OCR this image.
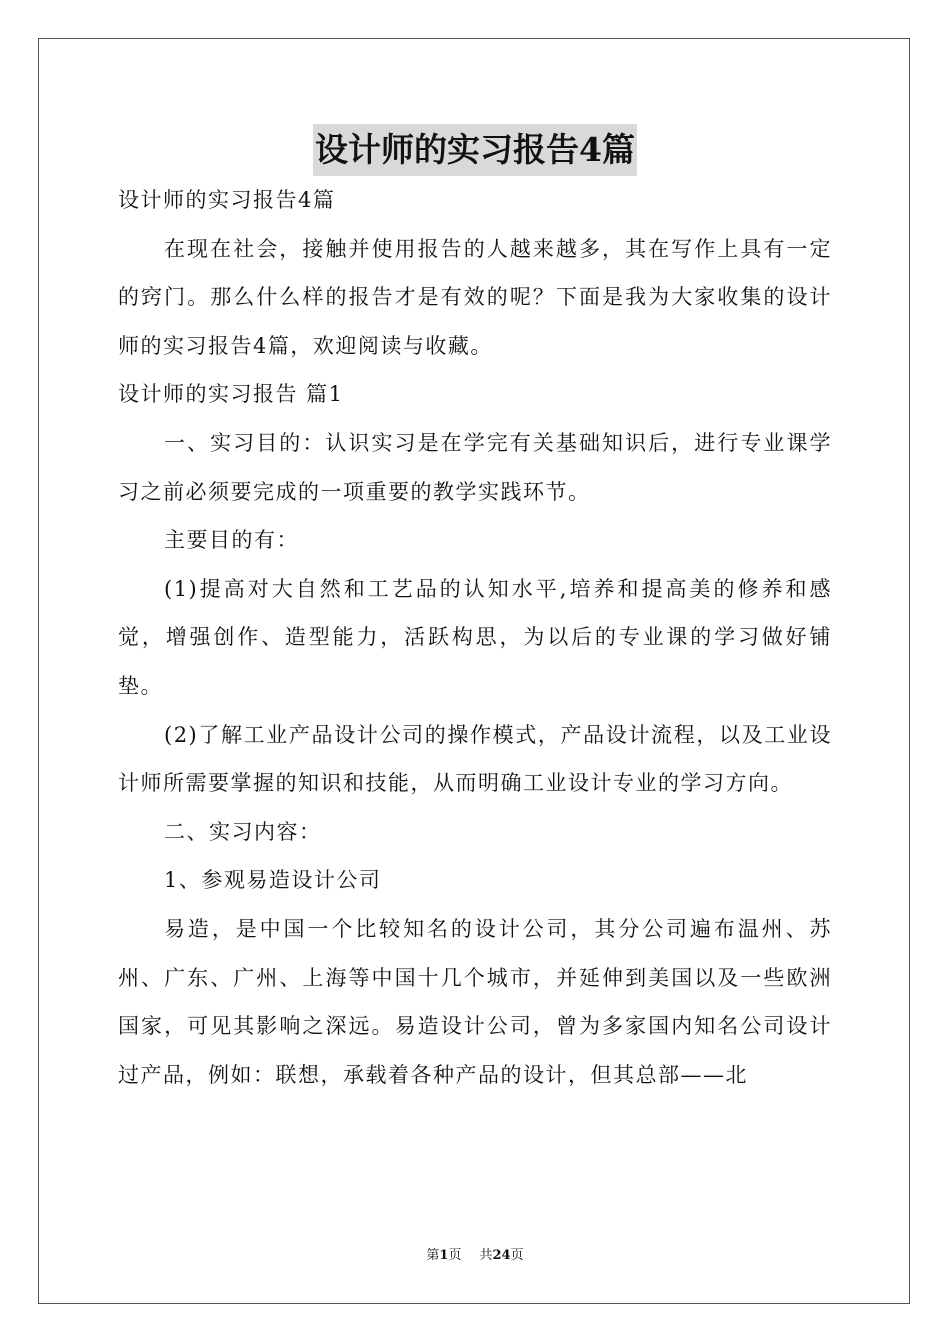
设计师的实习报告4篇

设计师的实习报告4篇

在现在社会，接触并使用报告的人越来越多，其在写作上具有一定的窍门。那么什么样的报告才是有效的呢？下面是我为大家收集的设计师的实习报告4篇，欢迎阅读与收藏。

设计师的实习报告 篇1

一、实习目的：认识实习是在学完有关基础知识后，进行专业课学习之前必须要完成的一项重要的教学实践环节。

主要目的有：

(1)提高对大自然和工艺品的认知水平,培养和提高美的修养和感觉，增强创作、造型能力，活跃构思，为以后的专业课的学习做好铺垫。

(2)了解工业产品设计公司的操作模式，产品设计流程，以及工业设计师所需要掌握的知识和技能，从而明确工业设计专业的学习方向。

二、实习内容：

1、参观易造设计公司

易造，是中国一个比较知名的设计公司，其分公司遍布温州、苏州、广东、广州、上海等中国十几个城市，并延伸到美国以及一些欧洲国家，可见其影响之深远。易造设计公司，曾为多家国内知名公司设计过产品，例如：联想，承载着各种产品的设计，但其总部——北

第1页 共24页
